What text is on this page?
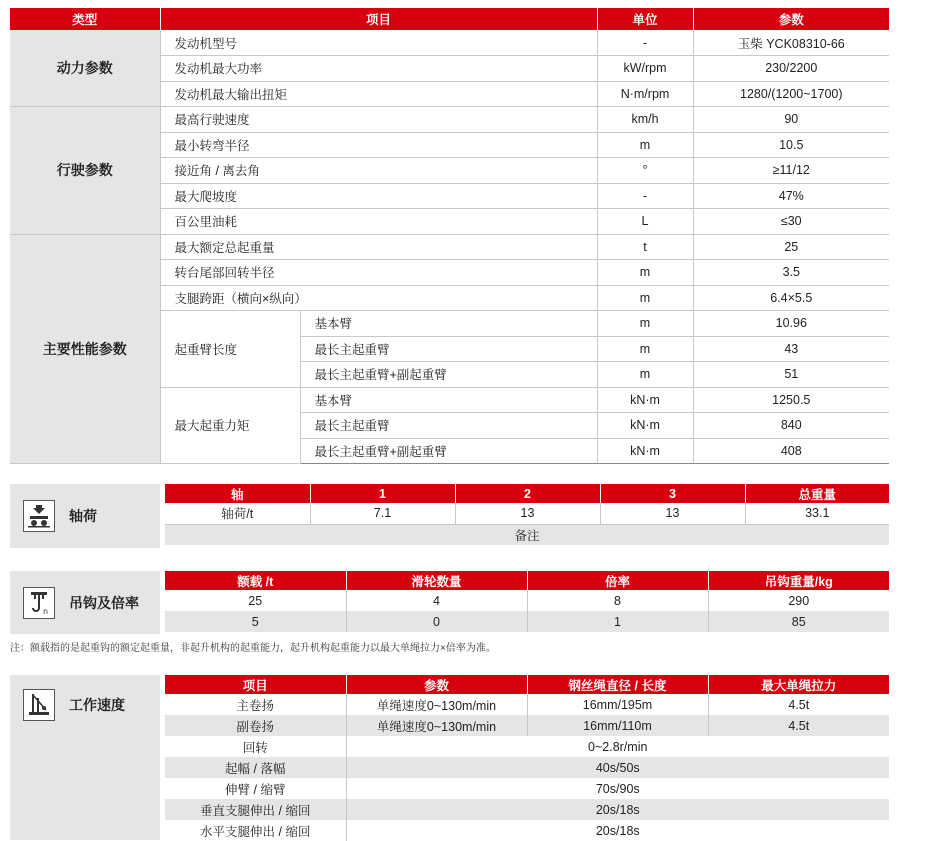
类型	项目		单位	参数
动力参数	发动机型号		-	玉柴 YCK08310-66
	发动机最大功率		kW/rpm	230/2200
	发动机最大输出扭矩		N·m/rpm	1280/(1200~1700)
行驶参数	最高行驶速度		km/h	90
	最小转弯半径		m	10.5
	接近角 / 离去角		°	≥11/12
	最大爬坡度		-	47%
	百公里油耗		L	≤30
主要性能参数	最大额定总起重量		t	25
	转台尾部回转半径		m	3.5
	支腿跨距（横向×纵向）		m	6.4×5.5
	起重臂长度	基本臂	m	10.96
		最长主起重臂	m	43
		最长主起重臂+副起重臂	m	51
	最大起重力矩	基本臂	kN·m	1250.5
		最长主起重臂	kN·m	840
		最长主起重臂+副起重臂	kN·m	408
轴荷
轴	1	2	3	总重量
轴荷/t	7.1	13	13	33.1
备注				
n
吊钩及倍率
额载 /t	滑轮数量	倍率	吊钩重量/kg
25	4	8	290
5	0	1	85
注：额载指的是起重钩的额定起重量，非起升机构的起重能力，起升机构起重能力以最大单绳拉力×倍率为准。
工作速度
项目	参数	钢丝绳直径 / 长度	最大单绳拉力
主卷扬	单绳速度0~130m/min	16mm/195m	4.5t
副卷扬	单绳速度0~130m/min	16mm/110m	4.5t
回转	0~2.8r/min		
起幅 / 落幅	40s/50s		
伸臂 / 缩臂	70s/90s		
垂直支腿伸出 / 缩回	20s/18s		
水平支腿伸出 / 缩回	20s/18s		
